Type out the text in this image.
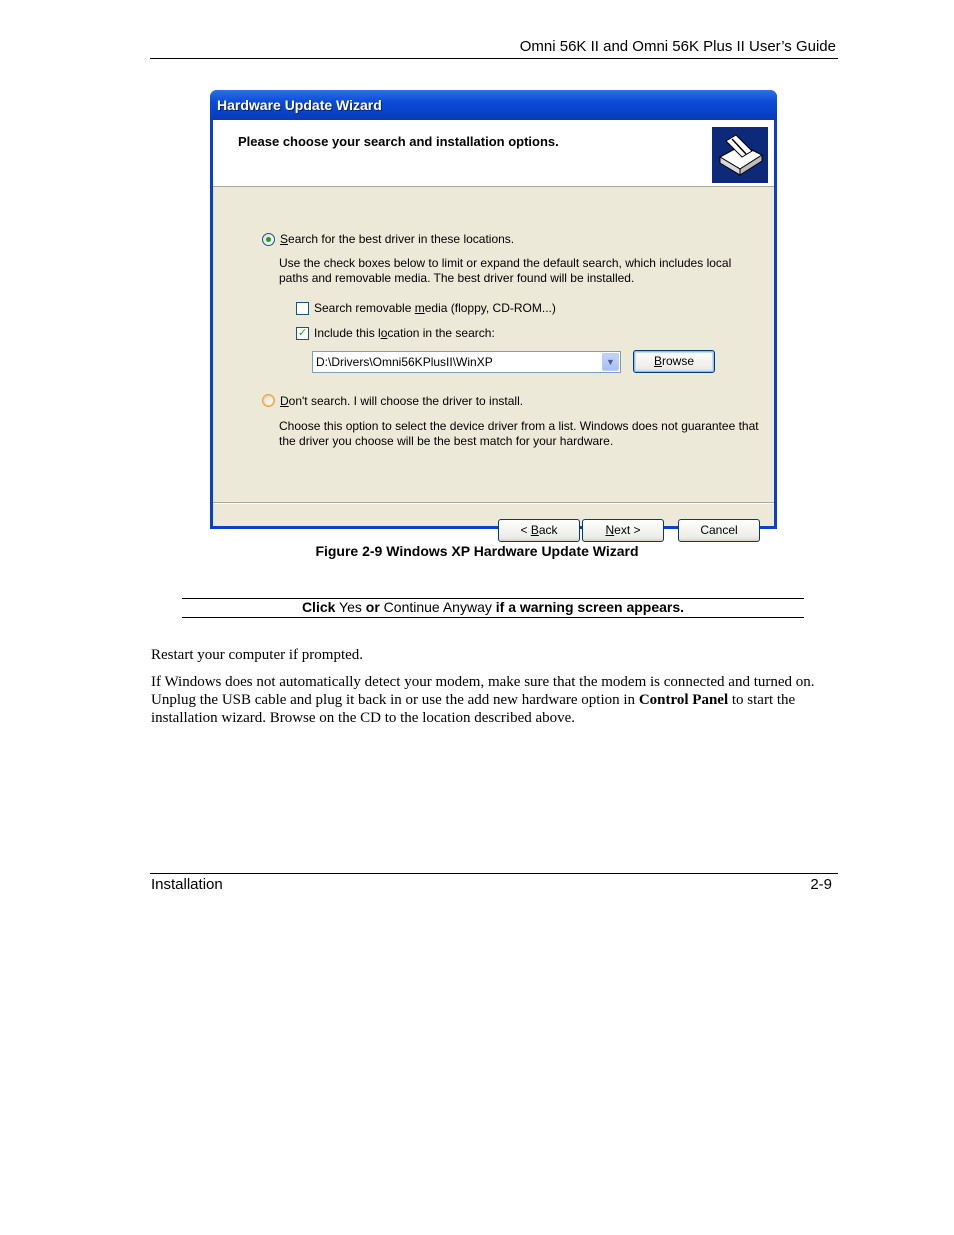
Omni 56K II and Omni 56K Plus II User’s Guide
Hardware Update Wizard
Please choose your search and installation options.
Search for the best driver in these locations.
Use the check boxes below to limit or expand the default search, which includes local paths and removable media. The best driver found will be installed.
Search removable media (floppy, CD-ROM...)
✓ Include this location in the search:
D:\Drivers\Omni56KPlusII\WinXP	▼	Browse
Don't search. I will choose the driver to install.
Choose this option to select the device driver from a list. Windows does not guarantee that the driver you choose will be the best match for your hardware.
< Back	Next >	Cancel
Figure 2-9 Windows XP Hardware Update Wizard
Click Yes or Continue Anyway if a warning screen appears.
Restart your computer if prompted.
If Windows does not automatically detect your modem, make sure that the modem is connected and turned on. Unplug the USB cable and plug it back in or use the add new hardware option in Control Panel to start the installation wizard. Browse on the CD to the location described above.
Installation	2-9
